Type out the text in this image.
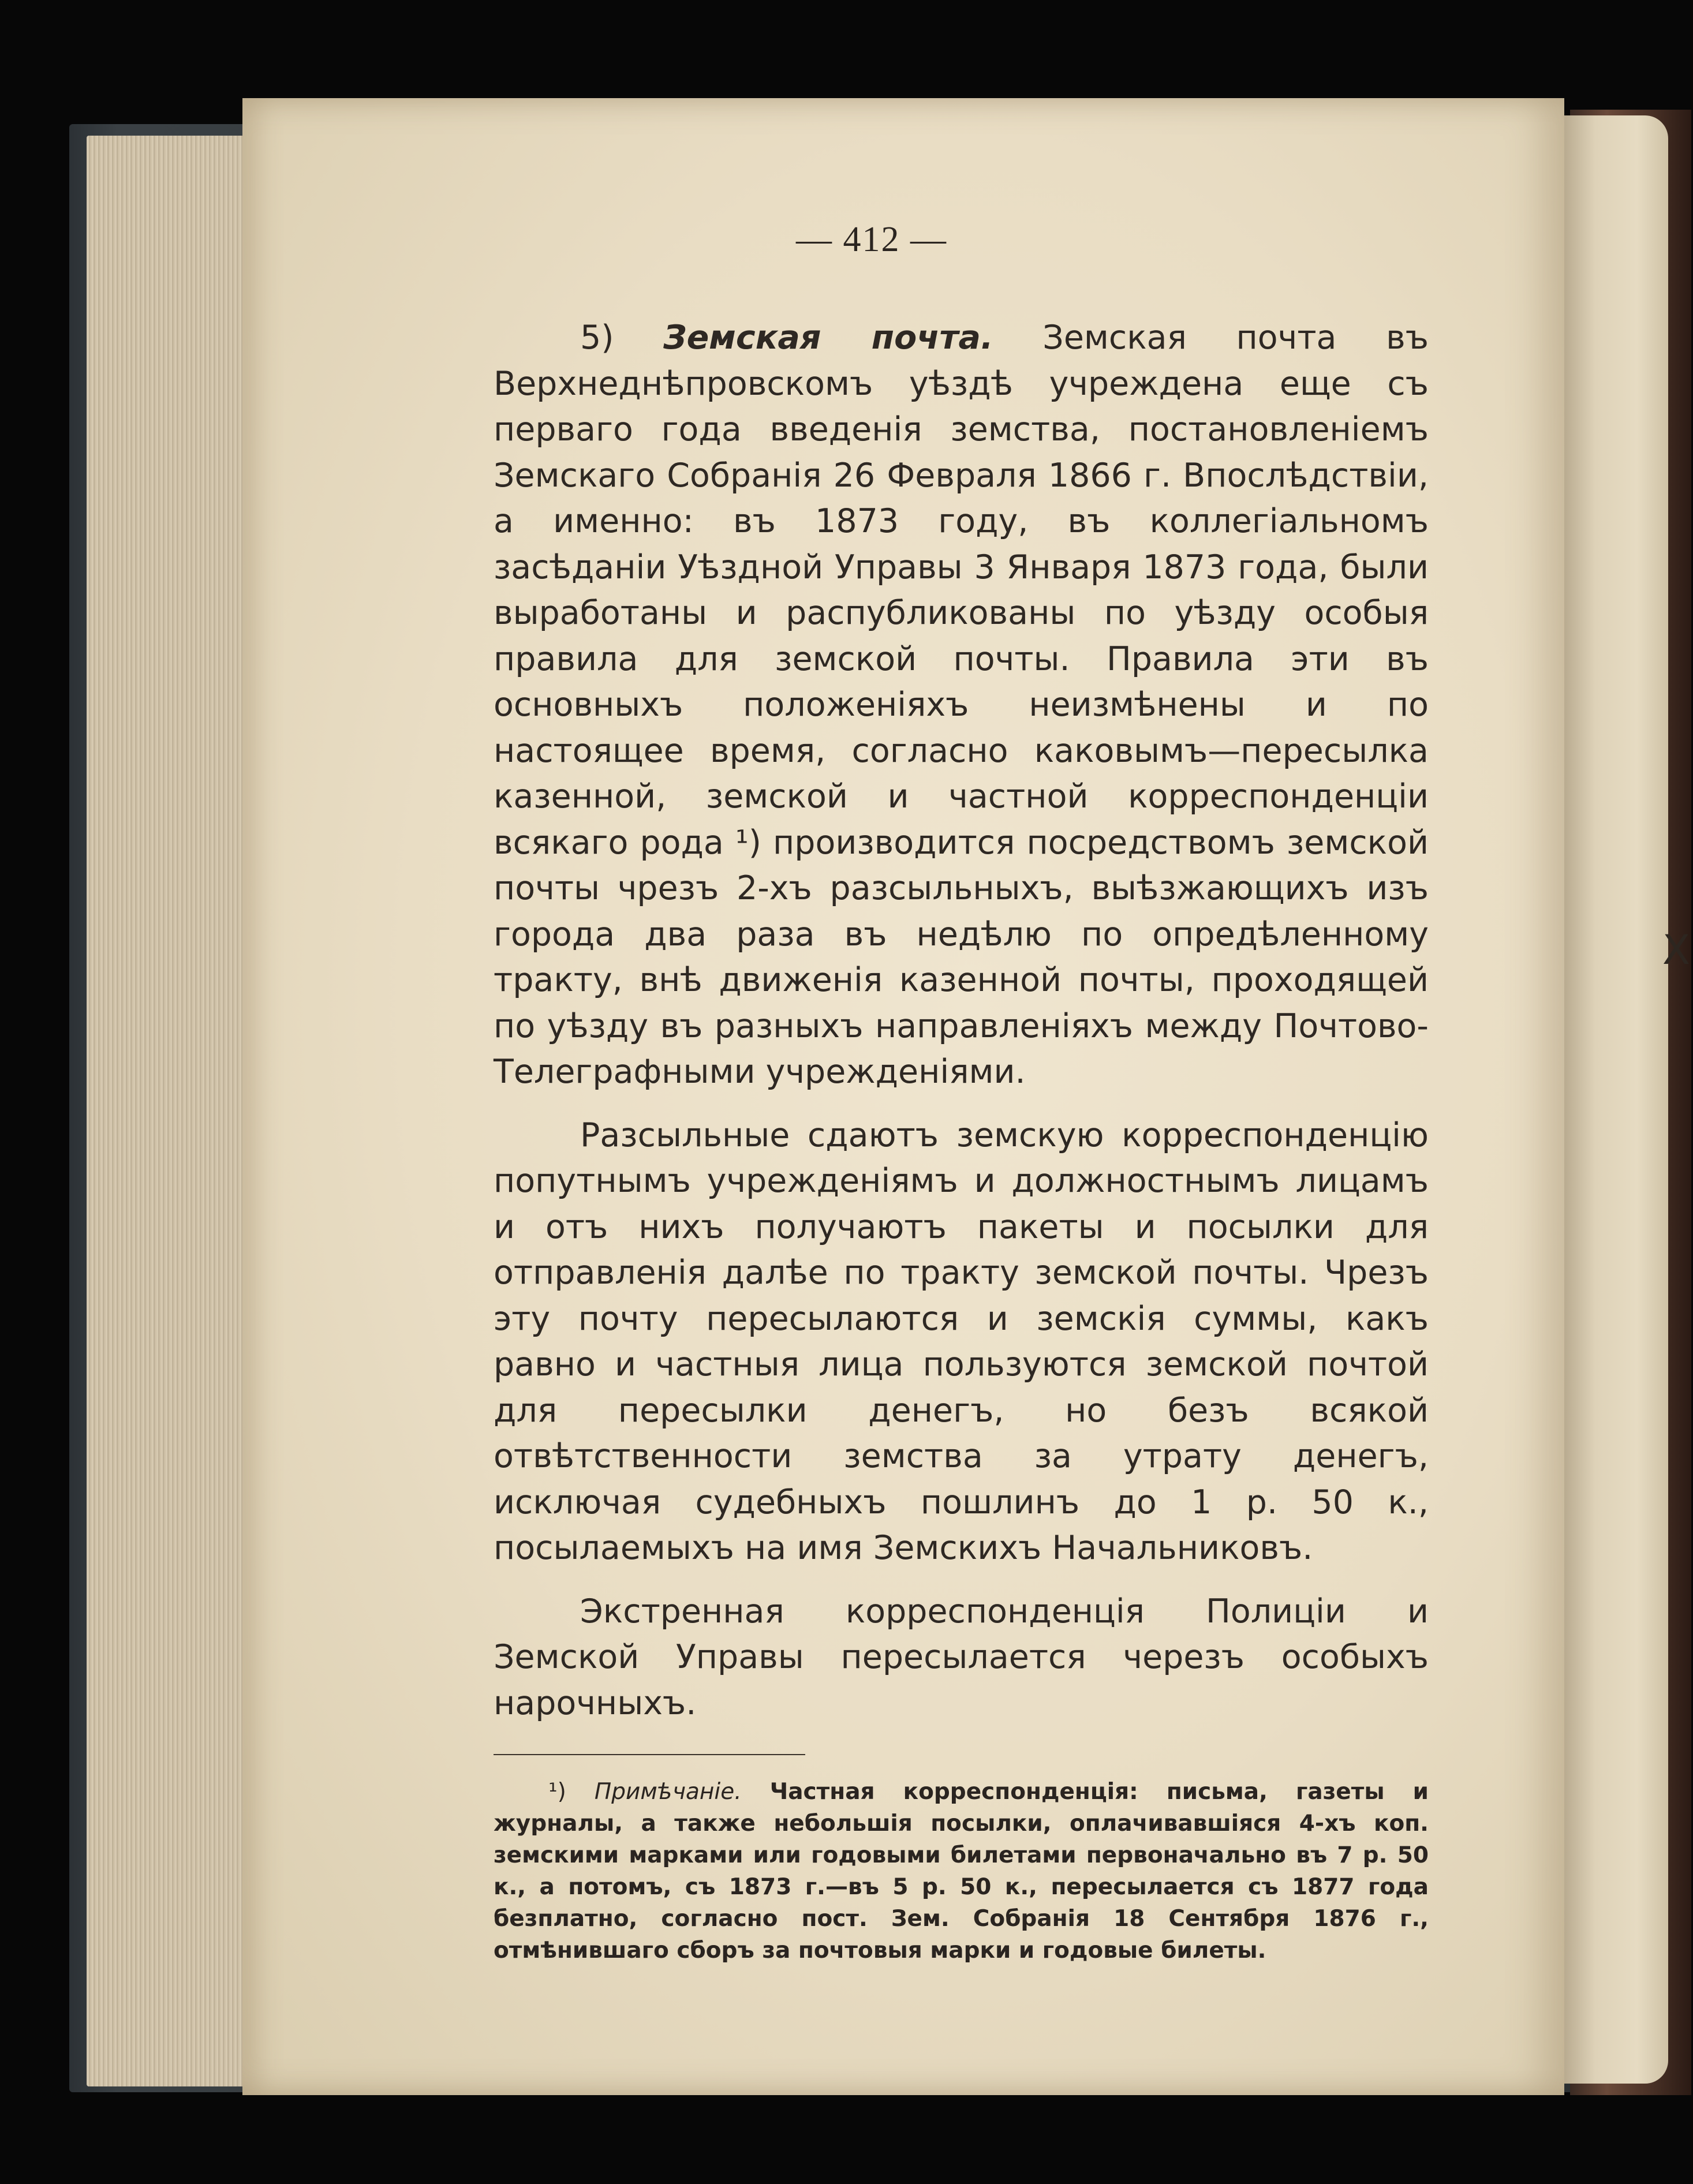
Х
— 412 —

5) Земская почта. Земская почта въ Верхнеднѣпровскомъ уѣздѣ учреждена еще съ перваго года введенія земства, постановленіемъ Земскаго Собранія 26 Февраля 1866 г. Впослѣдствіи, а именно: въ 1873 году, въ коллегіальномъ засѣданіи Уѣздной Управы 3 Января 1873 года, были выработаны и распубликованы по уѣзду особыя правила для земской почты. Правила эти въ основныхъ положеніяхъ неизмѣнены и по настоящее время, согласно каковымъ—пересылка казенной, земской и частной корреспонденціи всякаго рода ¹) производится посредствомъ земской почты чрезъ 2-хъ разсыльныхъ, выѣзжающихъ изъ города два раза въ недѣлю по опредѣленному тракту, внѣ движенія казенной почты, проходящей по уѣзду въ разныхъ направленіяхъ между Почтово-Телеграфными учрежденіями.

Разсыльные сдаютъ земскую корреспонденцію попутнымъ учрежденіямъ и должностнымъ лицамъ и отъ нихъ получаютъ пакеты и посылки для отправленія далѣе по тракту земской почты. Чрезъ эту почту пересылаются и земскія суммы, какъ равно и частныя лица пользуются земской почтой для пересылки денегъ, но безъ всякой отвѣтственности земства за утрату денегъ, исключая судебныхъ пошлинъ до 1 р. 50 к., посылаемыхъ на имя Земскихъ Начальниковъ.

Экстренная корреспонденція Полиціи и Земской Управы пересылается черезъ особыхъ нарочныхъ.

¹) Примѣчаніе. Частная корреспонденція: письма, газеты и журналы, а также небольшія посылки, оплачивавшіяся 4-хъ коп. земскими марками или годовыми билетами первоначально въ 7 р. 50 к., а потомъ, съ 1873 г.—въ 5 р. 50 к., пересылается съ 1877 года безплатно, согласно пост. Зем. Собранія 18 Сентября 1876 г., отмѣнившаго сборъ за почтовыя марки и годовые билеты.
